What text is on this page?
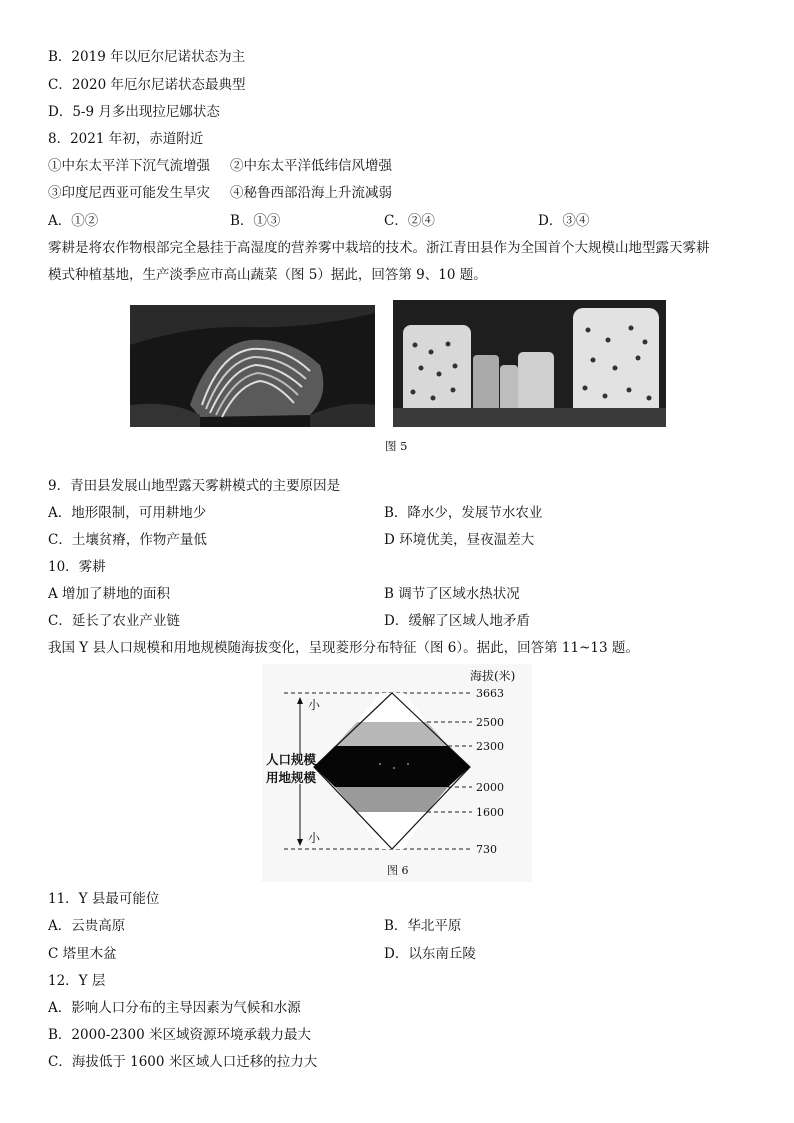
B．2019 年以厄尔尼诺状态为主
C．2020 年厄尔尼诺状态最典型
D．5-9 月多出现拉尼娜状态
8．2021 年初，赤道附近
①中东太平洋下沉气流增强 ②中东太平洋低纬信风增强
③印度尼西亚可能发生旱灾 ④秘鲁西部沿海上升流减弱
A．①②	B．①③	C．②④	D．③④
雾耕是将农作物根部完全悬挂于高湿度的营养雾中栽培的技术。浙江青田县作为全国首个大规模山地型露天雾耕
模式种植基地，生产淡季应市高山蔬菜（图 5）据此，回答第 9、10 题。
图 5
9．青田县发展山地型露天雾耕模式的主要原因是
A．地形限制，可用耕地少	B．降水少，发展节水农业
C．土壤贫瘠，作物产量低	D 环境优美，昼夜温差大
10．雾耕
A 增加了耕地的面积	B 调节了区域水热状况
C．延长了农业产业链	D．缓解了区域人地矛盾
我国 Y 县人口规模和用地规模随海拔变化，呈现菱形分布特征（图 6）。据此，回答第 11~13 题。
海拔(米)
小
小
人口规模
用地规模
3663
2500
2300
2000
1600
730
图 6
11．Y 县最可能位
A．云贵高原	B．华北平原
C 塔里木盆	D．以东南丘陵
12．Y 层
A．影响人口分布的主导因素为气候和水源
B．2000-2300 米区域资源环境承载力最大
C．海拔低于 1600 米区域人口迁移的拉力大
